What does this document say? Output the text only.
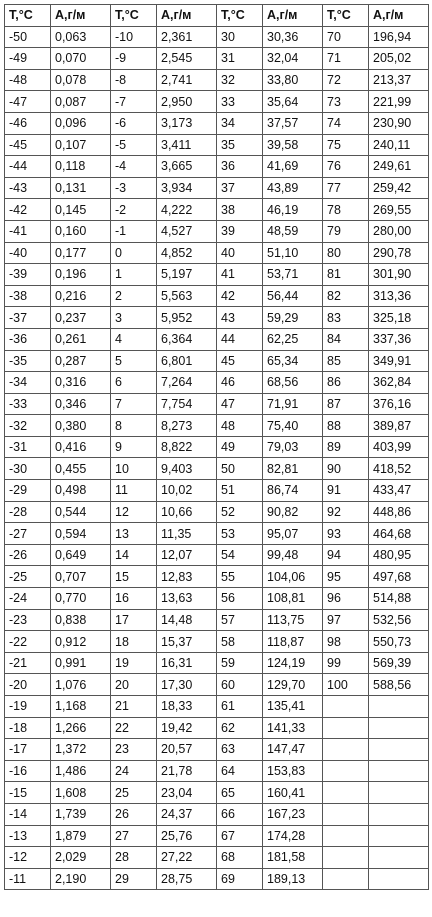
T,°C	A,г/м	T,°C	A,г/м	T,°C	A,г/м	T,°C	A,г/м
-50	0,063	-10	2,361	30	30,36	70	196,94
-49	0,070	-9	2,545	31	32,04	71	205,02
-48	0,078	-8	2,741	32	33,80	72	213,37
-47	0,087	-7	2,950	33	35,64	73	221,99
-46	0,096	-6	3,173	34	37,57	74	230,90
-45	0,107	-5	3,411	35	39,58	75	240,11
-44	0,118	-4	3,665	36	41,69	76	249,61
-43	0,131	-3	3,934	37	43,89	77	259,42
-42	0,145	-2	4,222	38	46,19	78	269,55
-41	0,160	-1	4,527	39	48,59	79	280,00
-40	0,177	0	4,852	40	51,10	80	290,78
-39	0,196	1	5,197	41	53,71	81	301,90
-38	0,216	2	5,563	42	56,44	82	313,36
-37	0,237	3	5,952	43	59,29	83	325,18
-36	0,261	4	6,364	44	62,25	84	337,36
-35	0,287	5	6,801	45	65,34	85	349,91
-34	0,316	6	7,264	46	68,56	86	362,84
-33	0,346	7	7,754	47	71,91	87	376,16
-32	0,380	8	8,273	48	75,40	88	389,87
-31	0,416	9	8,822	49	79,03	89	403,99
-30	0,455	10	9,403	50	82,81	90	418,52
-29	0,498	11	10,02	51	86,74	91	433,47
-28	0,544	12	10,66	52	90,82	92	448,86
-27	0,594	13	11,35	53	95,07	93	464,68
-26	0,649	14	12,07	54	99,48	94	480,95
-25	0,707	15	12,83	55	104,06	95	497,68
-24	0,770	16	13,63	56	108,81	96	514,88
-23	0,838	17	14,48	57	113,75	97	532,56
-22	0,912	18	15,37	58	118,87	98	550,73
-21	0,991	19	16,31	59	124,19	99	569,39
-20	1,076	20	17,30	60	129,70	100	588,56
-19	1,168	21	18,33	61	135,41		
-18	1,266	22	19,42	62	141,33		
-17	1,372	23	20,57	63	147,47		
-16	1,486	24	21,78	64	153,83		
-15	1,608	25	23,04	65	160,41		
-14	1,739	26	24,37	66	167,23		
-13	1,879	27	25,76	67	174,28		
-12	2,029	28	27,22	68	181,58		
-11	2,190	29	28,75	69	189,13		
